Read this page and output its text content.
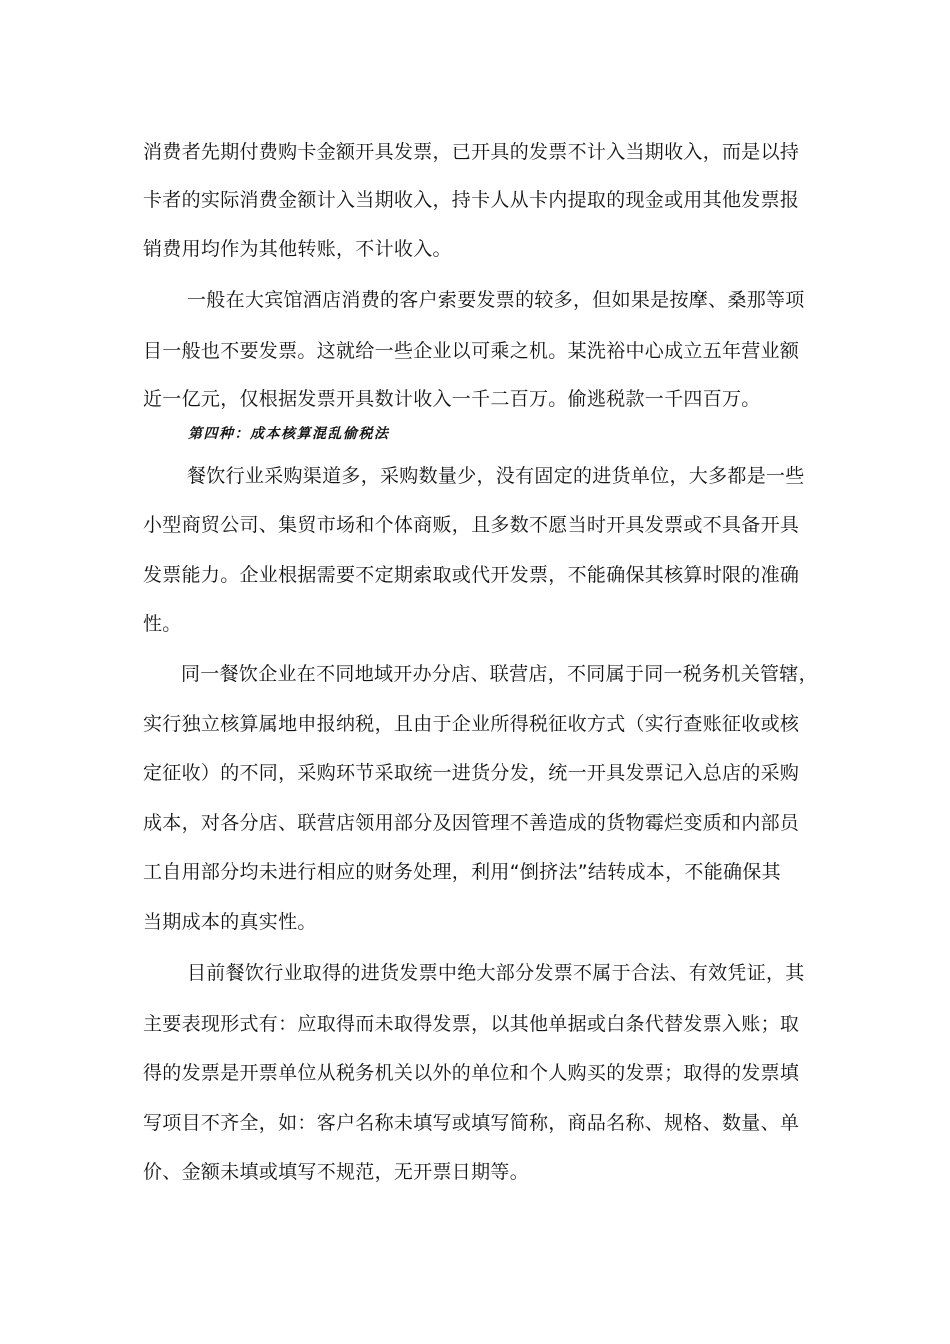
消费者先期付费购卡金额开具发票，已开具的发票不计入当期收入，而是以持
卡者的实际消费金额计入当期收入，持卡人从卡内提取的现金或用其他发票报
销费用均作为其他转账，不计收入。
一般在大宾馆酒店消费的客户索要发票的较多，但如果是按摩、桑那等项
目一般也不要发票。这就给一些企业以可乘之机。某洗裕中心成立五年营业额
近一亿元，仅根据发票开具数计收入一千二百万。偷逃税款一千四百万。
第四种：成本核算混乱偷税法
餐饮行业采购渠道多，采购数量少，没有固定的进货单位，大多都是一些
小型商贸公司、集贸市场和个体商贩，且多数不愿当时开具发票或不具备开具
发票能力。企业根据需要不定期索取或代开发票，不能确保其核算时限的准确
性。
同一餐饮企业在不同地域开办分店、联营店，不同属于同一税务机关管辖，
实行独立核算属地申报纳税，且由于企业所得税征收方式（实行查账征收或核
定征收）的不同，采购环节采取统一进货分发，统一开具发票记入总店的采购
成本，对各分店、联营店领用部分及因管理不善造成的货物霉烂变质和内部员
工自用部分均未进行相应的财务处理，利用“倒挤法”结转成本，不能确保其
当期成本的真实性。
目前餐饮行业取得的进货发票中绝大部分发票不属于合法、有效凭证，其
主要表现形式有：应取得而未取得发票，以其他单据或白条代替发票入账；取
得的发票是开票单位从税务机关以外的单位和个人购买的发票；取得的发票填
写项目不齐全，如：客户名称未填写或填写简称，商品名称、规格、数量、单
价、金额未填或填写不规范，无开票日期等。
